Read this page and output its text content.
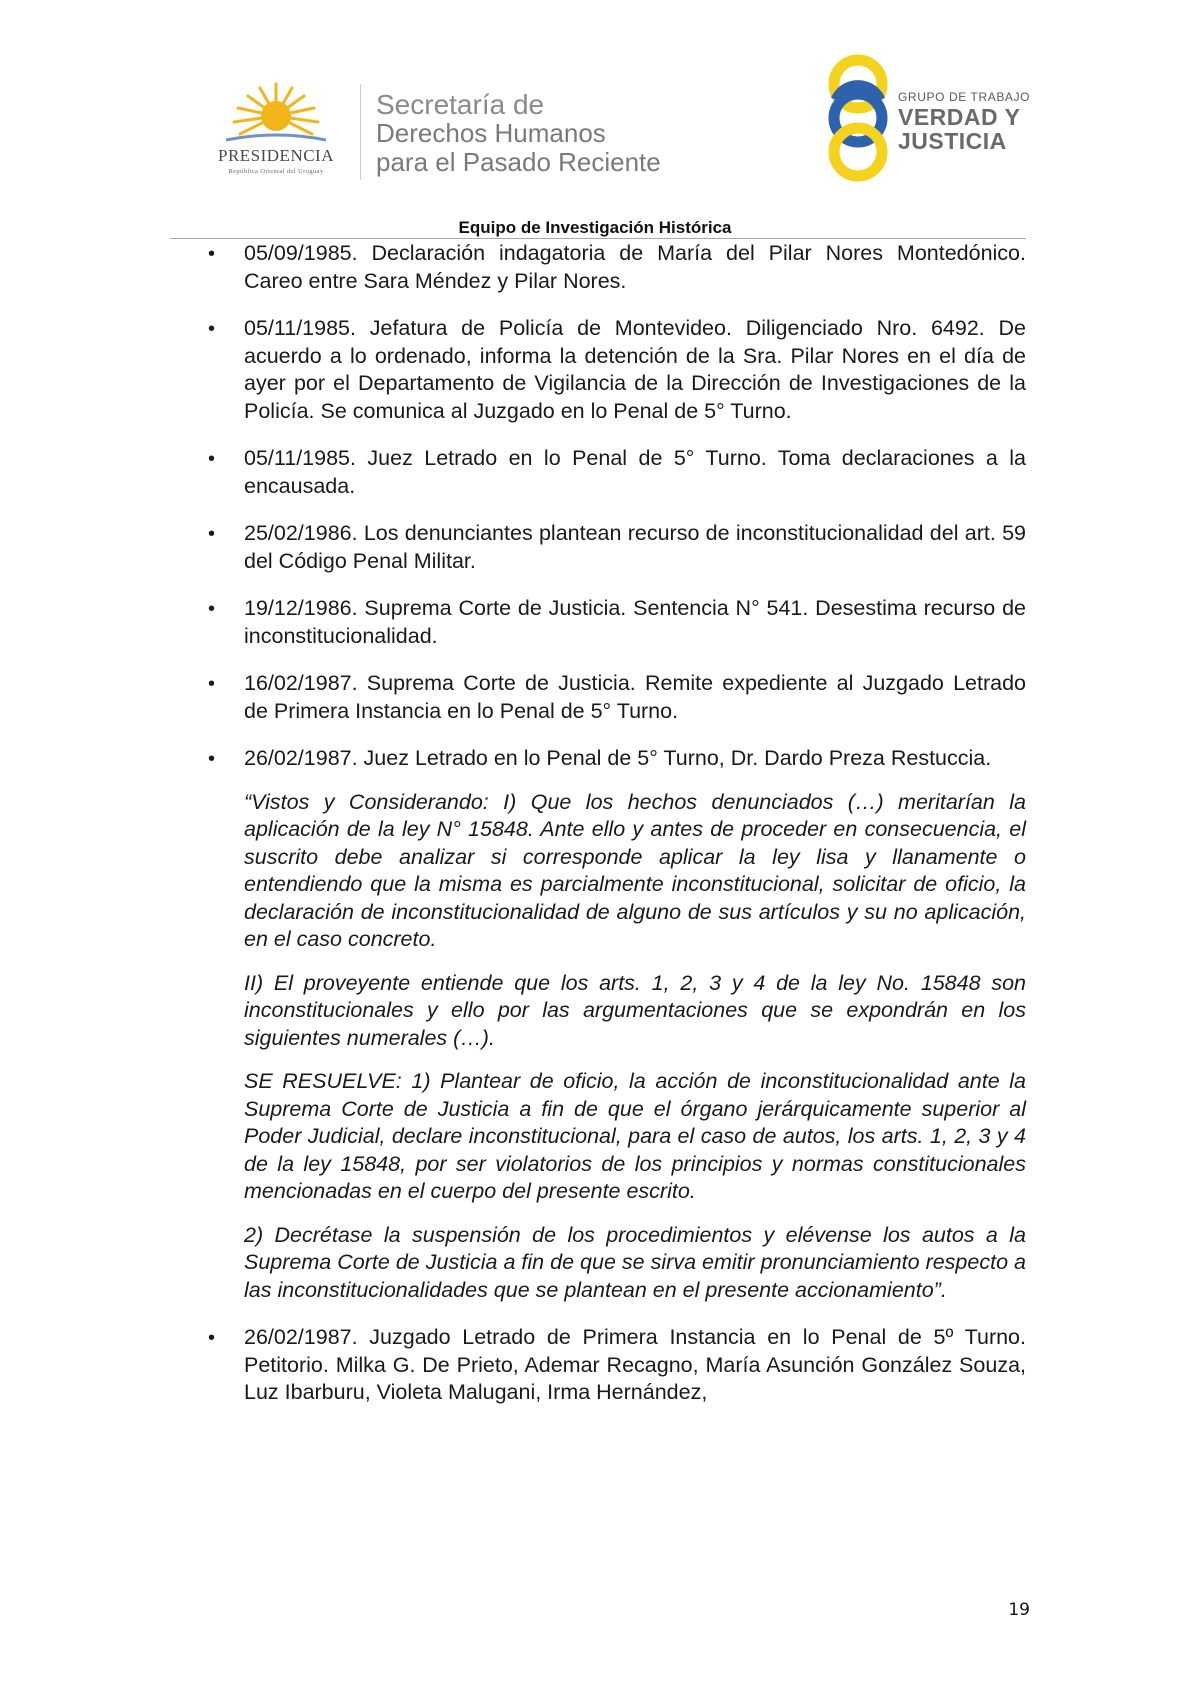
PRESIDENCIA
República Oriental del Uruguay
Secretaría de
Derechos Humanos
para el Pasado Reciente
GRUPO DE TRABAJO
VERDAD Y
JUSTICIA
Equipo de Investigación Histórica
• 05/09/1985. Declaración indagatoria de María del Pilar Nores Montedónico. Careo entre Sara Méndez y Pilar Nores.

• 05/11/1985. Jefatura de Policía de Montevideo. Diligenciado Nro. 6492. De acuerdo a lo ordenado, informa la detención de la Sra. Pilar Nores en el día de ayer por el Departamento de Vigilancia de la Dirección de Investigaciones de la Policía. Se comunica al Juzgado en lo Penal de 5° Turno.

• 05/11/1985. Juez Letrado en lo Penal de 5° Turno. Toma declaraciones a la encausada.

• 25/02/1986. Los denunciantes plantean recurso de inconstitucionalidad del art. 59 del Código Penal Militar.

• 19/12/1986. Suprema Corte de Justicia. Sentencia N° 541. Desestima recurso de inconstitucionalidad.

• 16/02/1987. Suprema Corte de Justicia. Remite expediente al Juzgado Letrado de Primera Instancia en lo Penal de 5° Turno.

• 26/02/1987. Juez Letrado en lo Penal de 5° Turno, Dr. Dardo Preza Restuccia.

“Vistos y Considerando: I) Que los hechos denunciados (…) meritarían la aplicación de la ley N° 15848. Ante ello y antes de proceder en consecuencia, el suscrito debe analizar si corresponde aplicar la ley lisa y llanamente o entendiendo que la misma es parcialmente inconstitucional, solicitar de oficio, la declaración de inconstitucionalidad de alguno de sus artículos y su no aplicación, en el caso concreto.

II) El proveyente entiende que los arts. 1, 2, 3 y 4 de la ley No. 15848 son inconstitucionales y ello por las argumentaciones que se expondrán en los siguientes numerales (…).

SE RESUELVE: 1) Plantear de oficio, la acción de inconstitucionalidad ante la Suprema Corte de Justicia a fin de que el órgano jerárquicamente superior al Poder Judicial, declare inconstitucional, para el caso de autos, los arts. 1, 2, 3 y 4 de la ley 15848, por ser violatorios de los principios y normas constitucionales mencionadas en el cuerpo del presente escrito.

2) Decrétase la suspensión de los procedimientos y elévense los autos a la Suprema Corte de Justicia a fin de que se sirva emitir pronunciamiento respecto a las inconstitucionalidades que se plantean en el presente accionamiento”.

• 26/02/1987. Juzgado Letrado de Primera Instancia en lo Penal de 5º Turno. Petitorio. Milka G. De Prieto, Ademar Recagno, María Asunción González Souza, Luz Ibarburu, Violeta Malugani, Irma Hernández,

19
